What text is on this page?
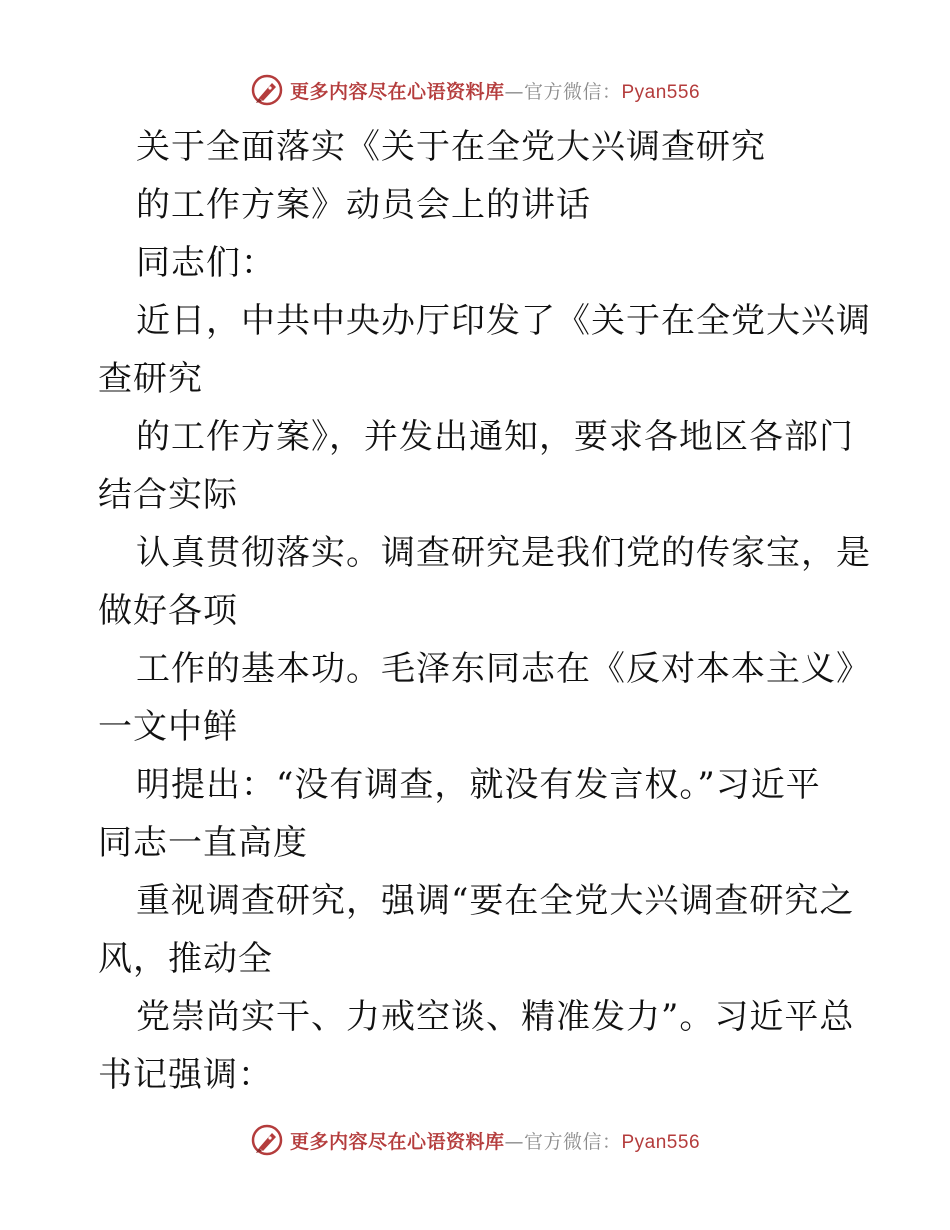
更多内容尽在心语资料库—官方微信：Pyan556
关于全面落实《关于在全党大兴调查研究
的工作方案》动员会上的讲话
同志们：
近日，中共中央办厅印发了《关于在全党大兴调
查研究
的工作方案》，并发出通知，要求各地区各部门
结合实际
认真贯彻落实。调查研究是我们党的传家宝，是
做好各项
工作的基本功。毛泽东同志在《反对本本主义》
一文中鲜
明提出：“没有调查，就没有发言权。”习近平
同志一直高度
重视调查研究，强调“要在全党大兴调查研究之
风，推动全
党崇尚实干、力戒空谈、精准发力”。习近平总
书记强调：
更多内容尽在心语资料库—官方微信：Pyan556
